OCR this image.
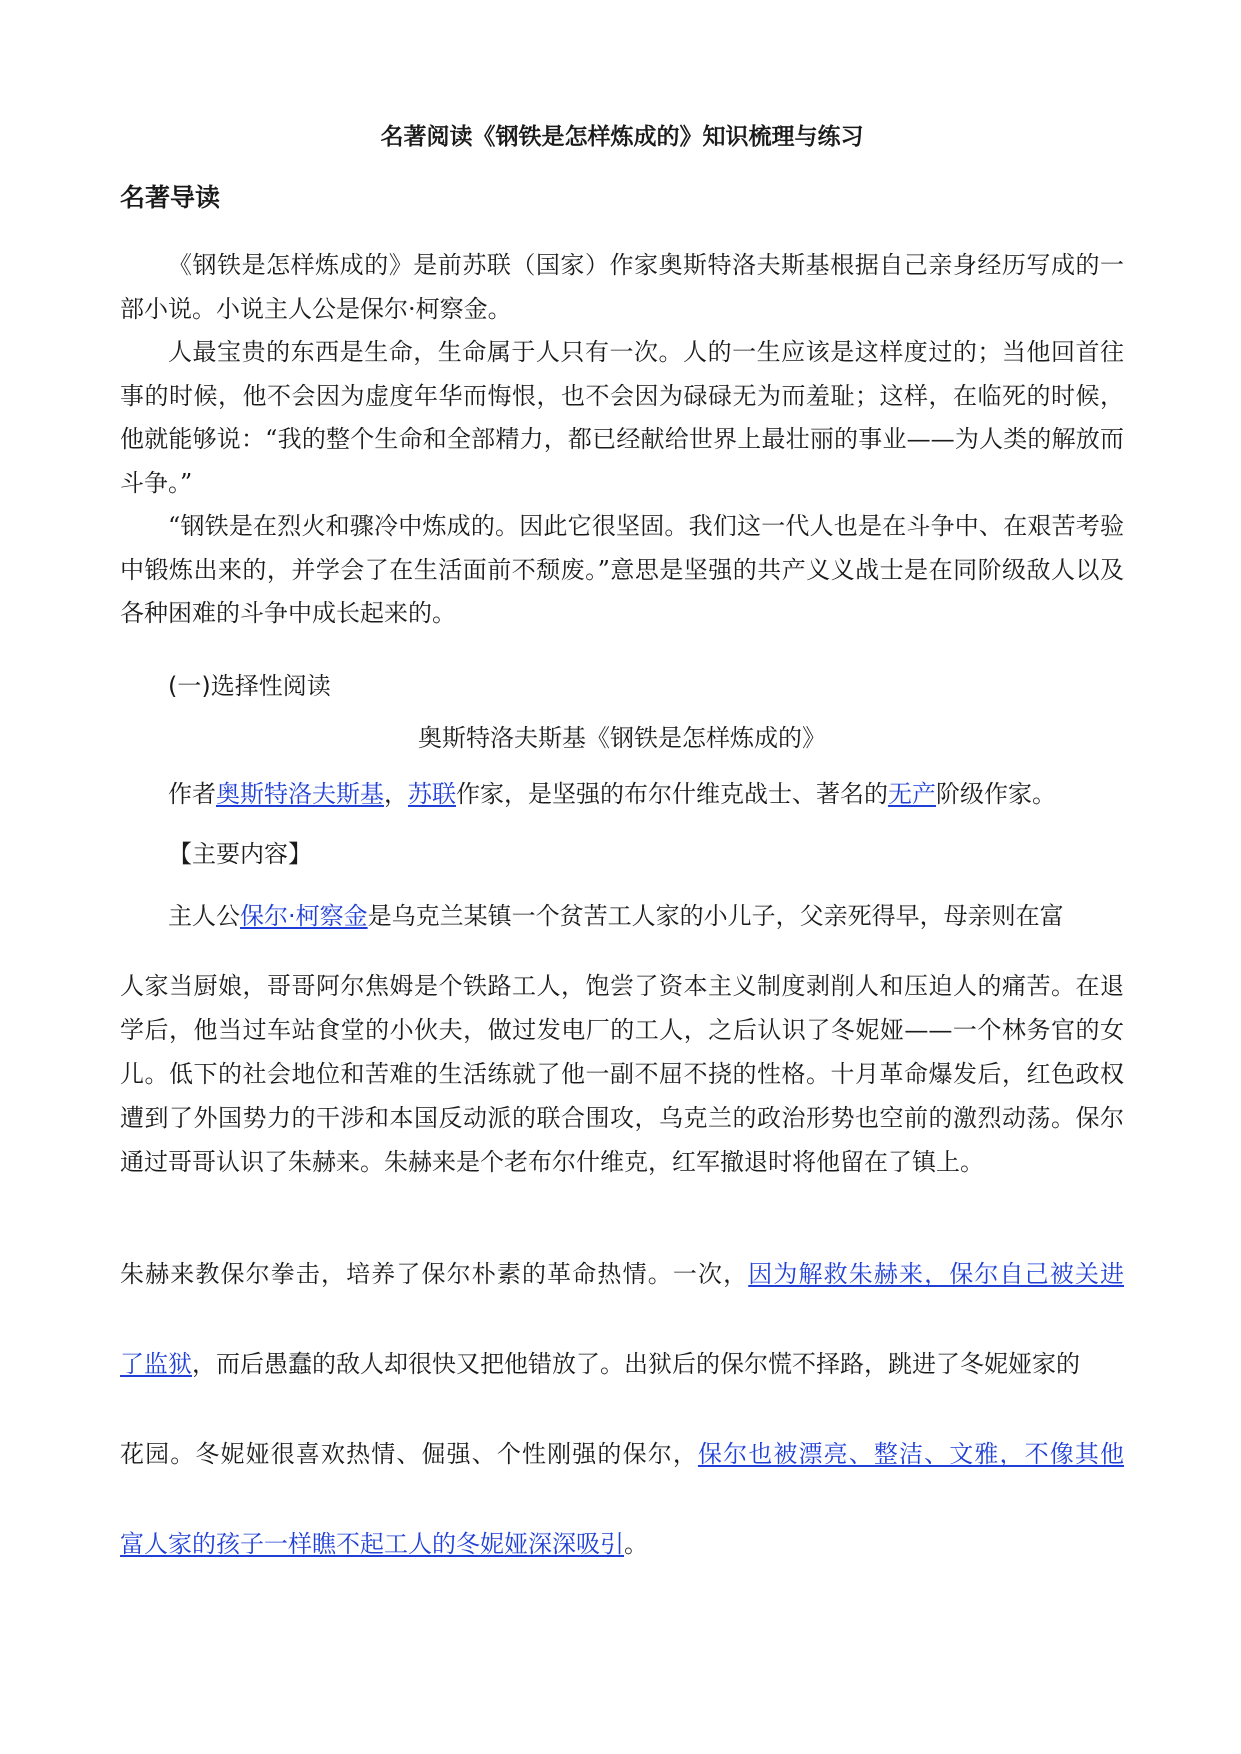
名著阅读《钢铁是怎样炼成的》知识梳理与练习
名著导读

《钢铁是怎样炼成的》是前苏联（国家）作家奥斯特洛夫斯基根据自己亲身经历写成的一部小说。小说主人公是保尔·柯察金。

人最宝贵的东西是生命，生命属于人只有一次。人的一生应该是这样度过的；当他回首往事的时候，他不会因为虚度年华而悔恨，也不会因为碌碌无为而羞耻；这样，在临死的时候，他就能够说：“我的整个生命和全部精力，都已经献给世界上最壮丽的事业——为人类的解放而斗争。”

“钢铁是在烈火和骤冷中炼成的。因此它很坚固。我们这一代人也是在斗争中、在艰苦考验中锻炼出来的，并学会了在生活面前不颓废。”意思是坚强的共产义义战士是在同阶级敌人以及各种困难的斗争中成长起来的。

(一)选择性阅读
奥斯特洛夫斯基《钢铁是怎样炼成的》
作者奥斯特洛夫斯基，苏联作家，是坚强的布尔什维克战士、著名的无产阶级作家。
【主要内容】
主人公保尔·柯察金是乌克兰某镇一个贫苦工人家的小儿子，父亲死得早，母亲则在富

人家当厨娘，哥哥阿尔焦姆是个铁路工人，饱尝了资本主义制度剥削人和压迫人的痛苦。在退学后，他当过车站食堂的小伙夫，做过发电厂的工人，之后认识了冬妮娅——一个林务官的女儿。低下的社会地位和苦难的生活练就了他一副不屈不挠的性格。十月革命爆发后，红色政权遭到了外国势力的干涉和本国反动派的联合围攻，乌克兰的政治形势也空前的激烈动荡。保尔通过哥哥认识了朱赫来。朱赫来是个老布尔什维克，红军撤退时将他留在了镇上。

朱赫来教保尔拳击，培养了保尔朴素的革命热情。一次，因为解救朱赫来，保尔自己被关进
了监狱，而后愚蠢的敌人却很快又把他错放了。出狱后的保尔慌不择路，跳进了冬妮娅家的
花园。冬妮娅很喜欢热情、倔强、个性刚强的保尔，保尔也被漂亮、整洁、文雅，不像其他
富人家的孩子一样瞧不起工人的冬妮娅深深吸引。
